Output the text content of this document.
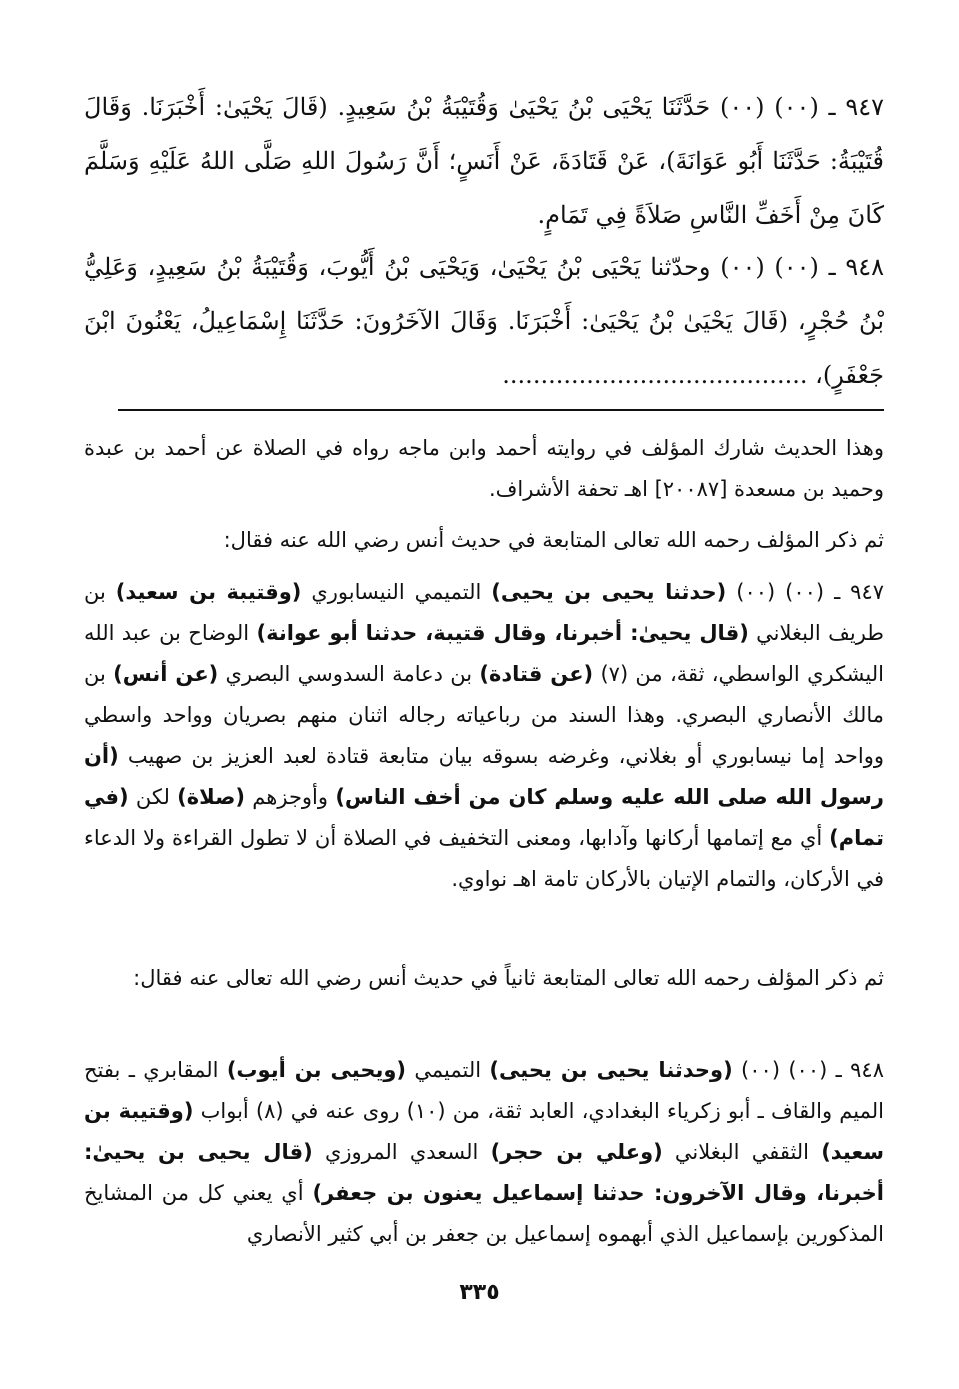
٩٤٧ ـ (٠٠) (٠٠) حَدَّثَنَا يَحْيَى بْنُ يَحْيَىٰ وَقُتَيْبَةُ بْنُ سَعِيدٍ. (قَالَ يَحْيَىٰ: أَخْبَرَنَا. وَقَالَ قُتَيْبَةُ: حَدَّثَنَا أَبُو عَوَانَةَ)، عَنْ قَتَادَةَ، عَنْ أَنَسٍ؛ أَنَّ رَسُولَ اللهِ صَلَّى اللهُ عَلَيْهِ وَسَلَّمَ كَانَ مِنْ أَخَفِّ النَّاسِ صَلاَةً فِي تَمَامٍ.
٩٤٨ ـ (٠٠) (٠٠) وحدّثنا يَحْيَى بْنُ يَحْيَىٰ، وَيَحْيَى بْنُ أَيُّوبَ، وَقُتَيْبَةُ بْنُ سَعِيدٍ، وَعَلِيُّ بْنُ حُجْرٍ، (قَالَ يَحْيَىٰ بْنُ يَحْيَىٰ: أَخْبَرَنَا. وَقَالَ الآخَرُونَ: حَدَّثَنَا إِسْمَاعِيلُ، يَعْنُونَ ابْنَ جَعْفَرٍ)، ........................................
وهذا الحديث شارك المؤلف في روايته أحمد وابن ماجه رواه في الصلاة عن أحمد بن عبدة وحميد بن مسعدة [٢٠٠٨٧] اهـ تحفة الأشراف.
ثم ذكر المؤلف رحمه الله تعالى المتابعة في حديث أنس رضي الله عنه فقال:
٩٤٧ ـ (٠٠) (٠٠) (حدثنا يحيى بن يحيى) التميمي النيسابوري (وقتيبة بن سعيد) بن طريف البغلاني (قال يحيىٰ: أخبرنا، وقال قتيبة، حدثنا أبو عوانة) الوضاح بن عبد الله اليشكري الواسطي، ثقة، من (٧) (عن قتادة) بن دعامة السدوسي البصري (عن أنس) بن مالك الأنصاري البصري. وهذا السند من رباعياته رجاله اثنان منهم بصريان وواحد واسطي وواحد إما نيسابوري أو بغلاني، وغرضه بسوقه بيان متابعة قتادة لعبد العزيز بن صهيب (أن رسول الله صلى الله عليه وسلم كان من أخف الناس) وأوجزهم (صلاة) لكن (في تمام) أي مع إتمامها أركانها وآدابها، ومعنى التخفيف في الصلاة أن لا تطول القراءة ولا الدعاء في الأركان، والتمام الإتيان بالأركان تامة اهـ نواوي.
ثم ذكر المؤلف رحمه الله تعالى المتابعة ثانياً في حديث أنس رضي الله تعالى عنه فقال:
٩٤٨ ـ (٠٠) (٠٠) (وحدثنا يحيى بن يحيى) التميمي (ويحيى بن أيوب) المقابري ـ بفتح الميم والقاف ـ أبو زكرياء البغدادي، العابد ثقة، من (١٠) روى عنه في (٨) أبواب (وقتيبة بن سعيد) الثقفي البغلاني (وعلي بن حجر) السعدي المروزي (قال يحيى بن يحيىٰ: أخبرنا، وقال الآخرون: حدثنا إسماعيل يعنون بن جعفر) أي يعني كل من المشايخ المذكورين بإسماعيل الذي أبهموه إسماعيل بن جعفر بن أبي كثير الأنصاري
٣٣٥
